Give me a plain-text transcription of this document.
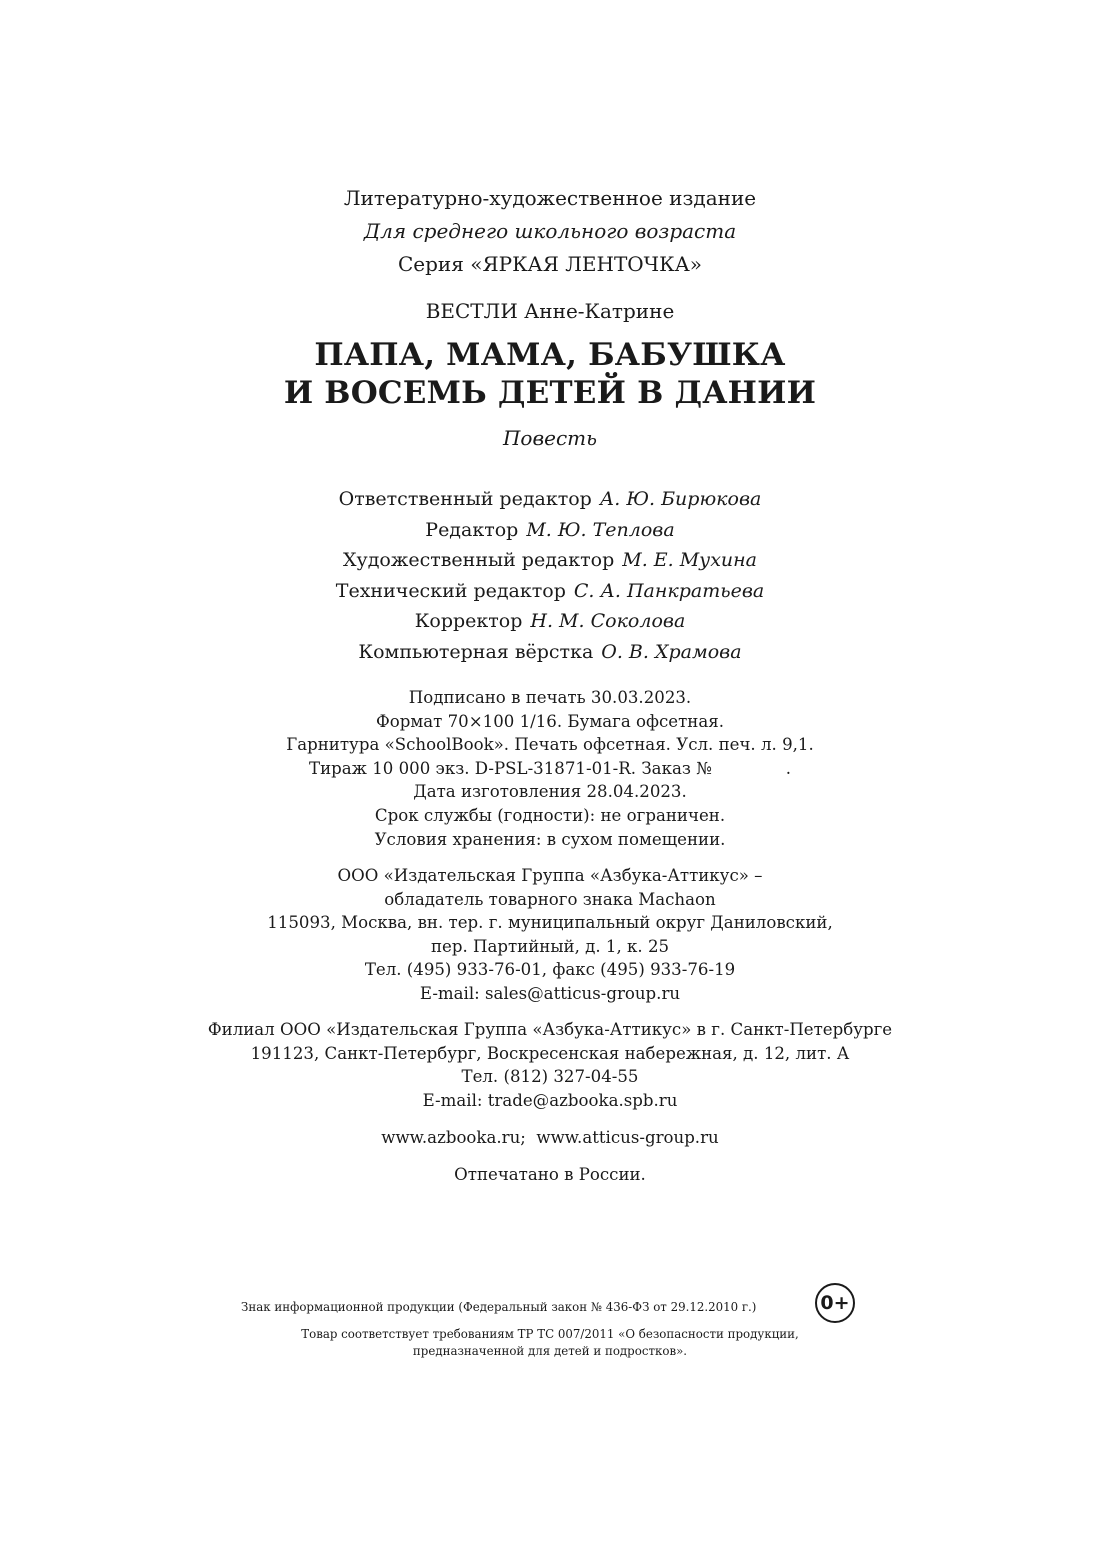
Литературно-художественное издание
Для среднего школьного возраста
Серия «ЯРКАЯ ЛЕНТОЧКА»
ВЕСТЛИ Анне-Катрине
ПАПА, МАМА, БАБУШКА
И ВОСЕМЬ ДЕТЕЙ В ДАНИИ
Повесть
Ответственный редактор А. Ю. Бирюкова
Редактор М. Ю. Теплова
Художественный редактор М. Е. Мухина
Технический редактор С. А. Панкратьева
Корректор Н. М. Соколова
Компьютерная вёрстка О. В. Храмова
Подписано в печать 30.03.2023.
Формат 70×100 1/16. Бумага офсетная.
Гарнитура «SchoolBook». Печать офсетная. Усл. печ. л. 9,1.
Тираж 10 000 экз. D-PSL-31871-01-R. Заказ №              .
Дата изготовления 28.04.2023.
Срок службы (годности): не ограничен.
Условия хранения: в сухом помещении.
ООО «Издательская Группа «Азбука-Аттикус» –
обладатель товарного знака Machaon
115093, Москва, вн. тер. г. муниципальный округ Даниловский,
пер. Партийный, д. 1, к. 25
Тел. (495) 933-76-01, факс (495) 933-76-19
E-mail: sales@atticus-group.ru
Филиал ООО «Издательская Группа «Азбука-Аттикус» в г. Санкт-Петербурге
191123, Санкт-Петербург, Воскресенская набережная, д. 12, лит. А
Тел. (812) 327-04-55
E-mail: trade@azbooka.spb.ru
www.azbooka.ru;  www.atticus-group.ru
Отпечатано в России.
Знак информационной продукции (Федеральный закон № 436-ФЗ от 29.12.2010 г.)	0+
Товар соответствует требованиям ТР ТС 007/2011 «О безопасности продукции,
предназначенной для детей и подростков».
